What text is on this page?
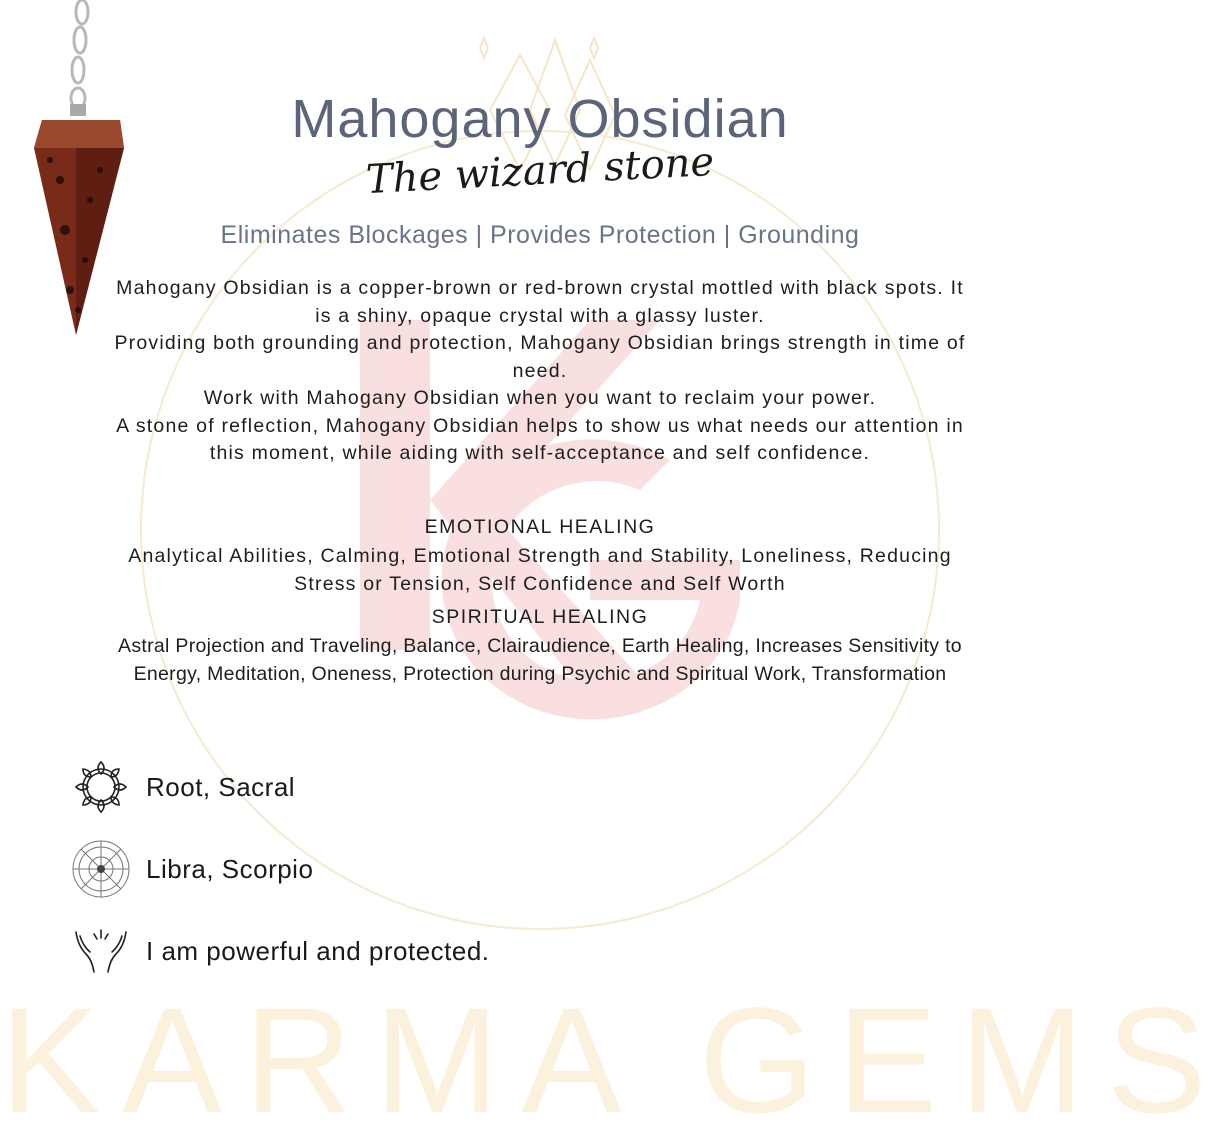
KARMA GEMS
Mahogany Obsidian
The wizard stone
Eliminates Blockages | Provides Protection | Grounding

Mahogany Obsidian is a copper-brown or red-brown crystal mottled with black spots. It is a shiny, opaque crystal with a glassy luster.

Providing both grounding and protection, Mahogany Obsidian brings strength in time of need.

Work with Mahogany Obsidian when you want to reclaim your power.

A stone of reflection, Mahogany Obsidian helps to show us what needs our attention in this moment, while aiding with self-acceptance and self confidence.

EMOTIONAL HEALING
Analytical Abilities, Calming, Emotional Strength and Stability, Loneliness, Reducing Stress or Tension, Self Confidence and Self Worth
SPIRITUAL HEALING
Astral Projection and Traveling, Balance, Clairaudience, Earth Healing, Increases Sensitivity to Energy, Meditation, Oneness, Protection during Psychic and Spiritual Work, Transformation
Root, Sacral
Libra, Scorpio
I am powerful and protected.
